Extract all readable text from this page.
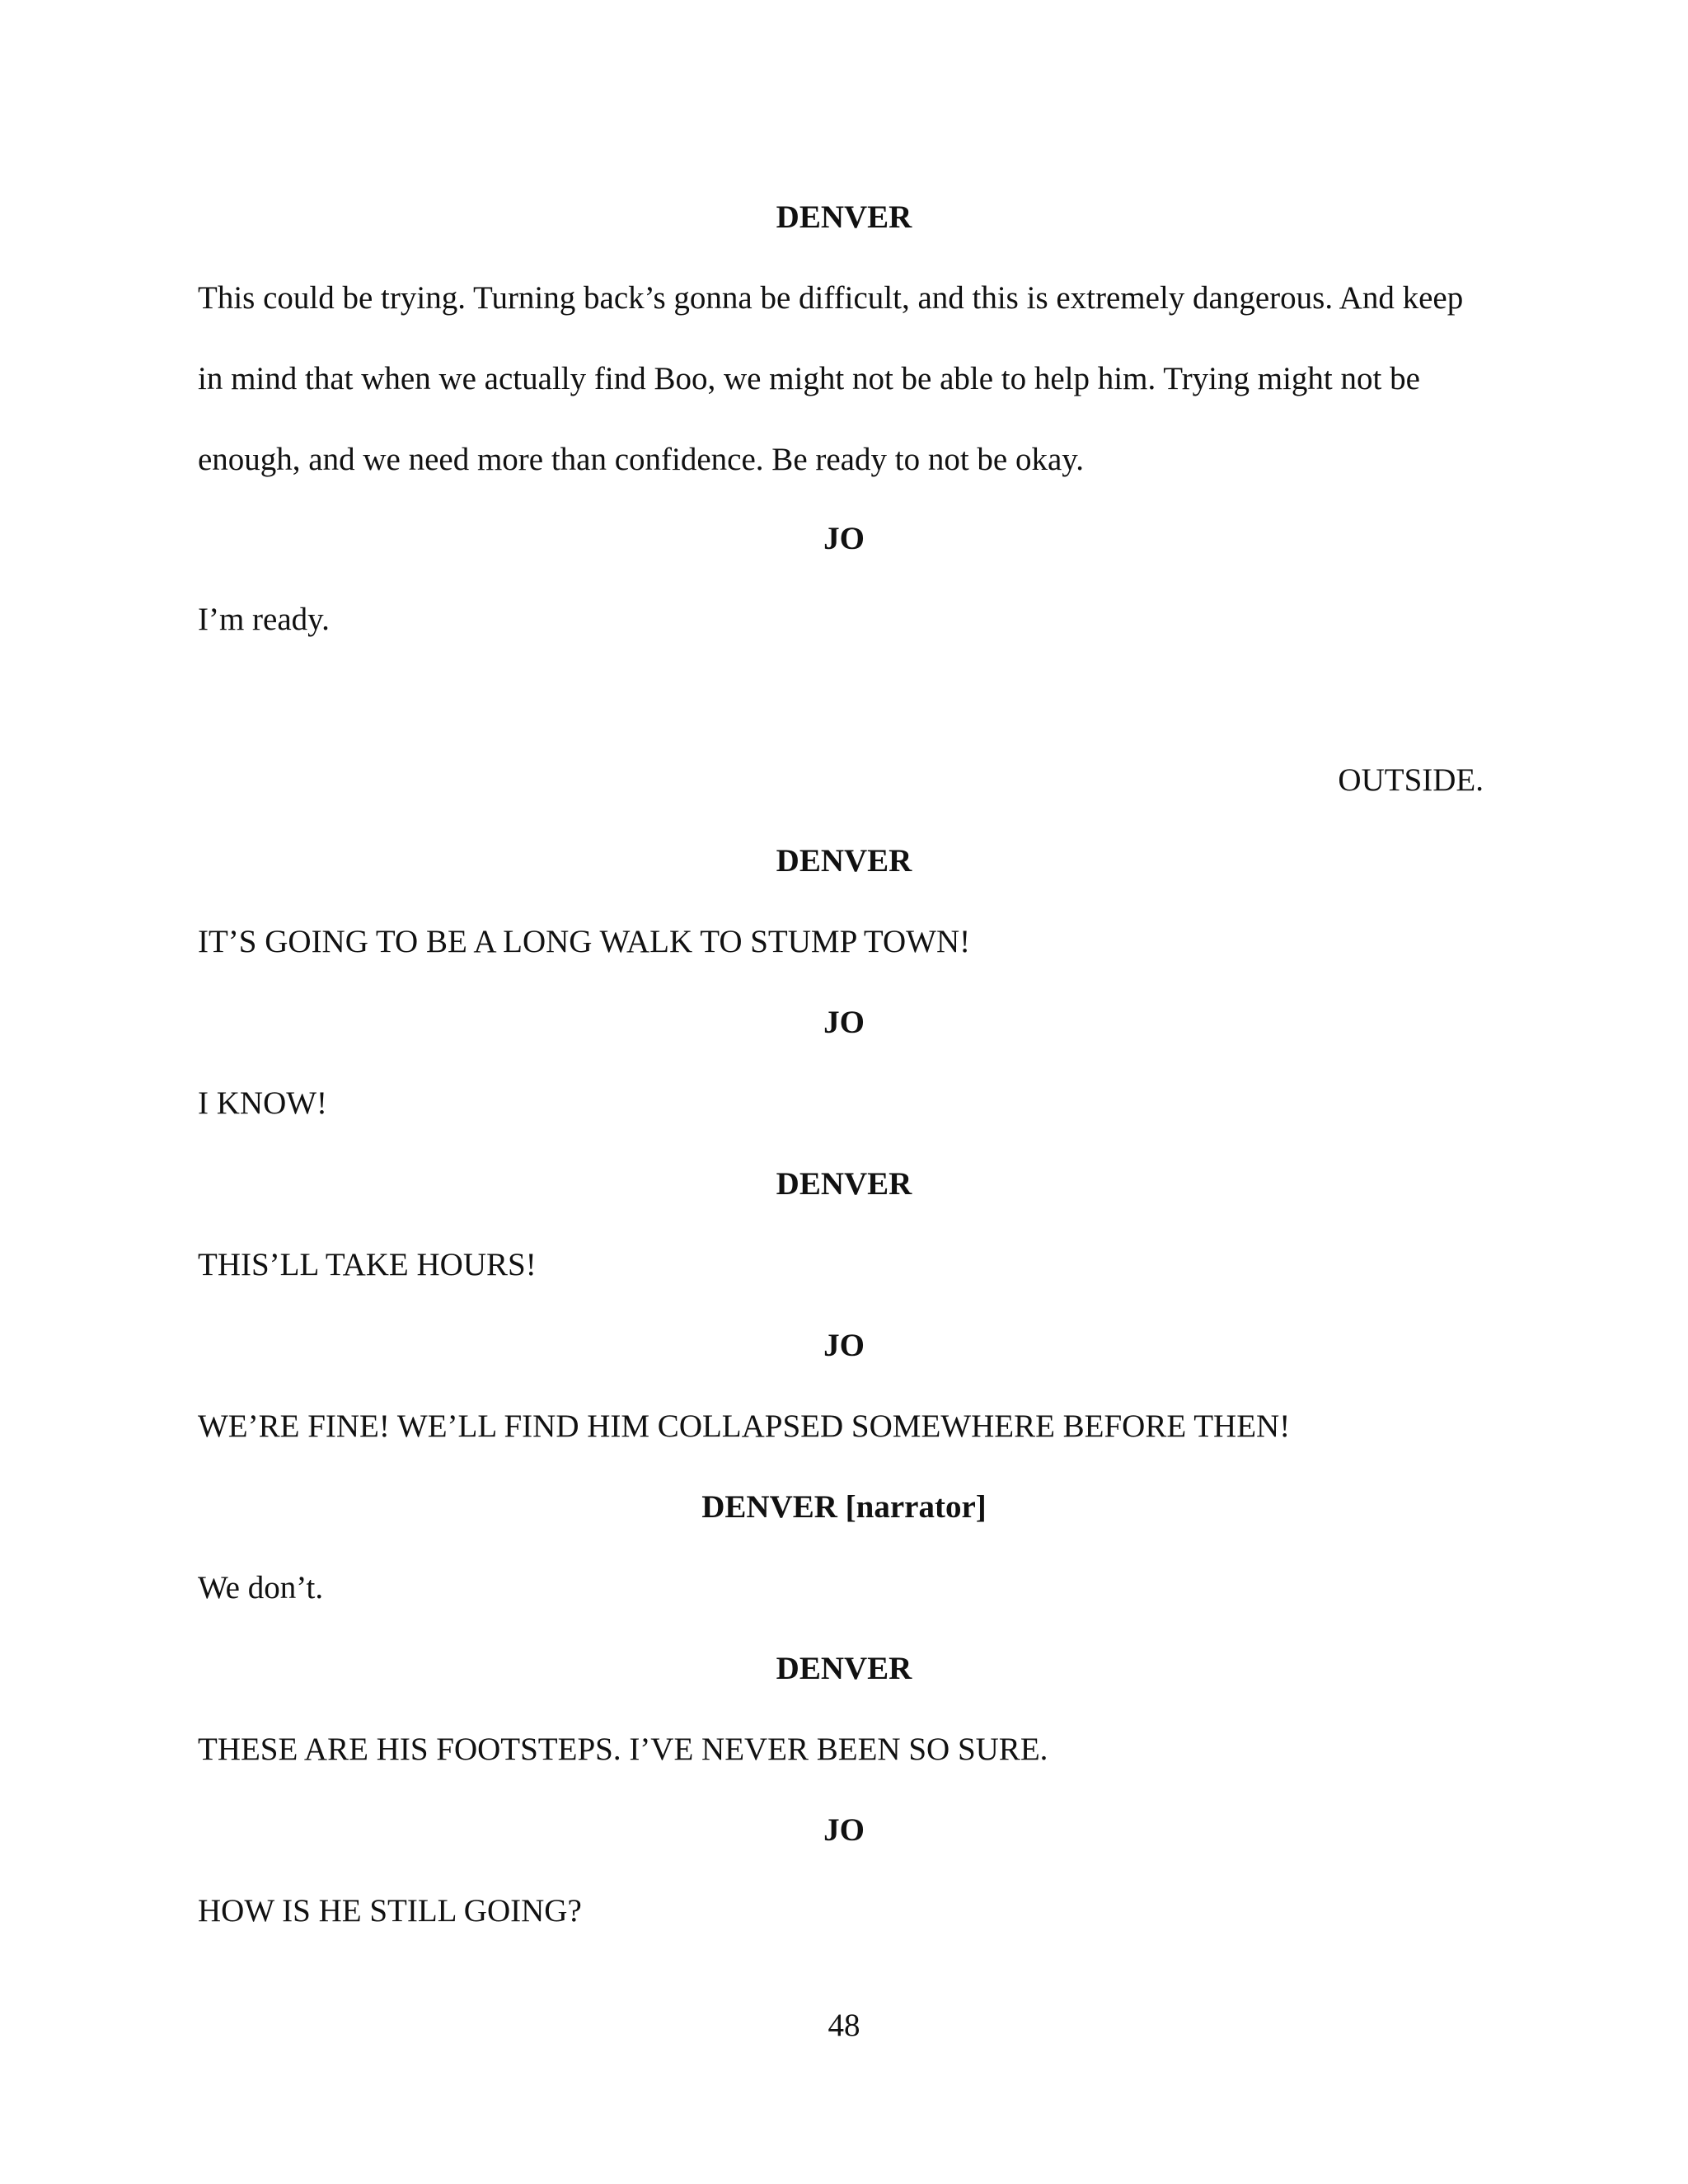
DENVER

This could be trying. Turning back’s gonna be difficult, and this is extremely dangerous. And keep in mind that when we actually find Boo, we might not be able to help him. Trying might not be enough, and we need more than confidence. Be ready to not be okay.

JO

I’m ready.

OUTSIDE.

DENVER

IT’S GOING TO BE A LONG WALK TO STUMP TOWN!

JO

I KNOW!

DENVER

THIS’LL TAKE HOURS!

JO

WE’RE FINE! WE’LL FIND HIM COLLAPSED SOMEWHERE BEFORE THEN!

DENVER [narrator]

We don’t.

DENVER

THESE ARE HIS FOOTSTEPS. I’VE NEVER BEEN SO SURE.

JO

HOW IS HE STILL GOING?

48
